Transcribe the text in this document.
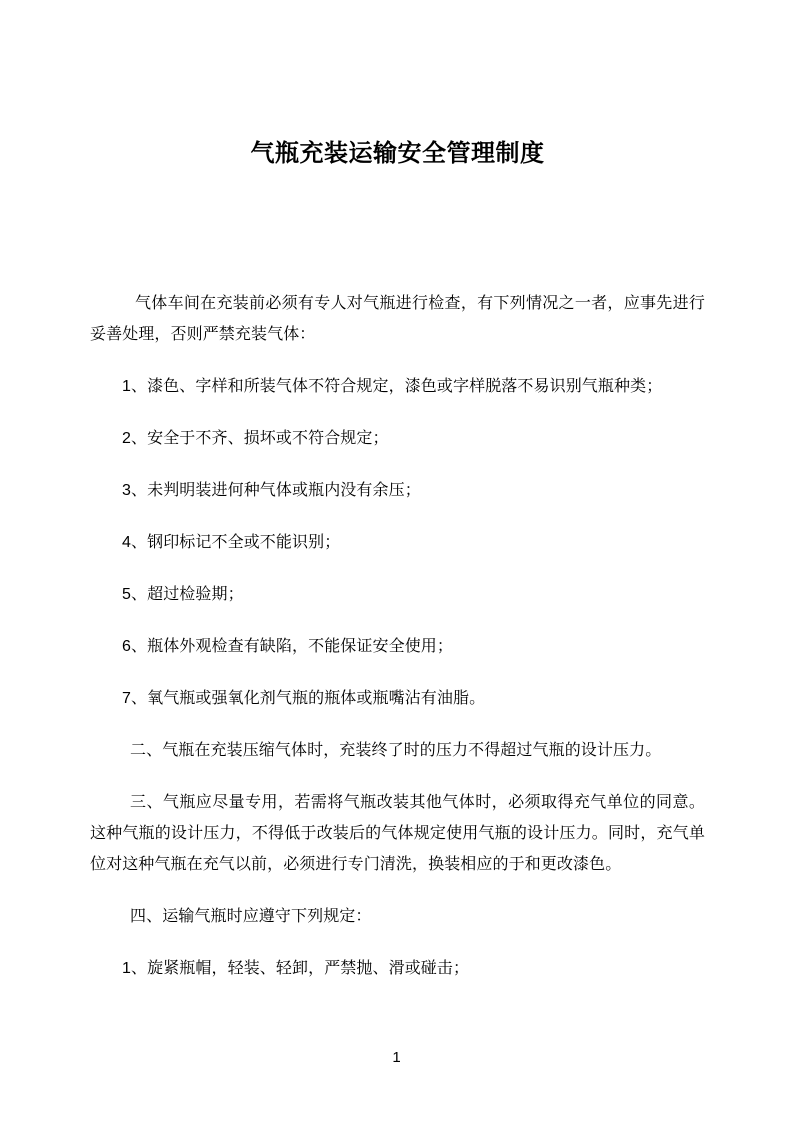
气瓶充装运输安全管理制度

气体车间在充装前必须有专人对气瓶进行检查，有下列情况之一者，应事先进行妥善处理，否则严禁充装气体：

1、漆色、字样和所装气体不符合规定，漆色或字样脱落不易识别气瓶种类；

2、安全于不齐、损坏或不符合规定；

3、未判明装进何种气体或瓶内没有余压；

4、钢印标记不全或不能识别；

5、超过检验期；

6、瓶体外观检查有缺陷，不能保证安全使用；

7、氧气瓶或强氧化剂气瓶的瓶体或瓶嘴沾有油脂。

二、气瓶在充装压缩气体时，充装终了时的压力不得超过气瓶的设计压力。

三、气瓶应尽量专用，若需将气瓶改装其他气体时，必须取得充气单位的同意。这种气瓶的设计压力，不得低于改装后的气体规定使用气瓶的设计压力。同时，充气单位对这种气瓶在充气以前，必须进行专门清洗，换装相应的于和更改漆色。

四、运输气瓶时应遵守下列规定：

1、旋紧瓶帽，轻装、轻卸，严禁抛、滑或碰击；

1
